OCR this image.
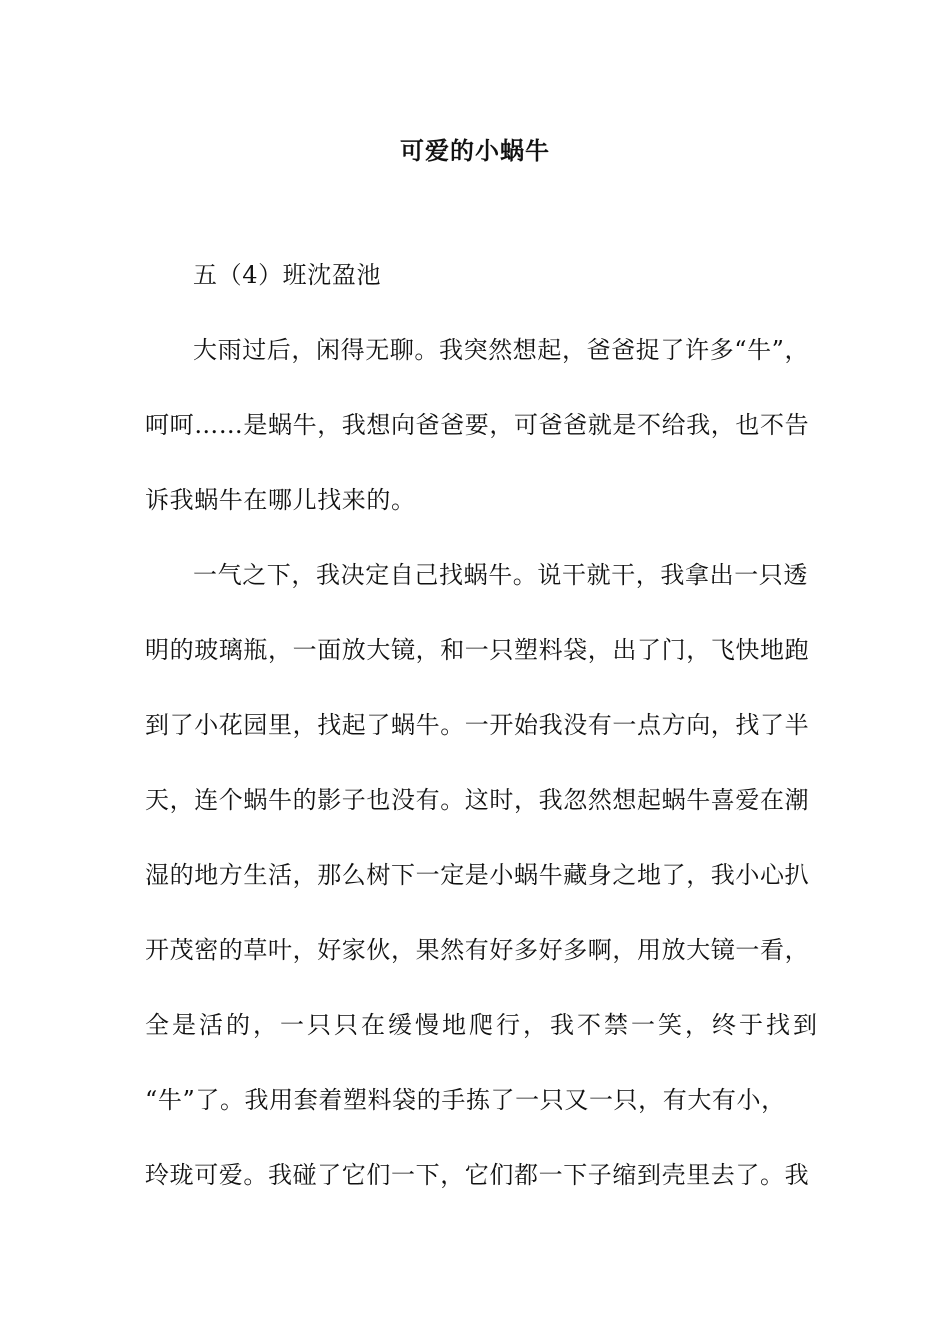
可爱的小蜗牛
五（4）班沈盈池
大雨过后，闲得无聊。我突然想起，爸爸捉了许多“牛”，
呵呵……是蜗牛，我想向爸爸要，可爸爸就是不给我，也不告
诉我蜗牛在哪儿找来的。
一气之下，我决定自己找蜗牛。说干就干，我拿出一只透
明的玻璃瓶，一面放大镜，和一只塑料袋，出了门，飞快地跑
到了小花园里，找起了蜗牛。一开始我没有一点方向，找了半
天，连个蜗牛的影子也没有。这时，我忽然想起蜗牛喜爱在潮
湿的地方生活，那么树下一定是小蜗牛藏身之地了，我小心扒
开茂密的草叶，好家伙，果然有好多好多啊，用放大镜一看，
全是活的，一只只在缓慢地爬行，我不禁一笑，终于找到
“牛”了。我用套着塑料袋的手拣了一只又一只，有大有小，
玲珑可爱。我碰了它们一下，它们都一下子缩到壳里去了。我
